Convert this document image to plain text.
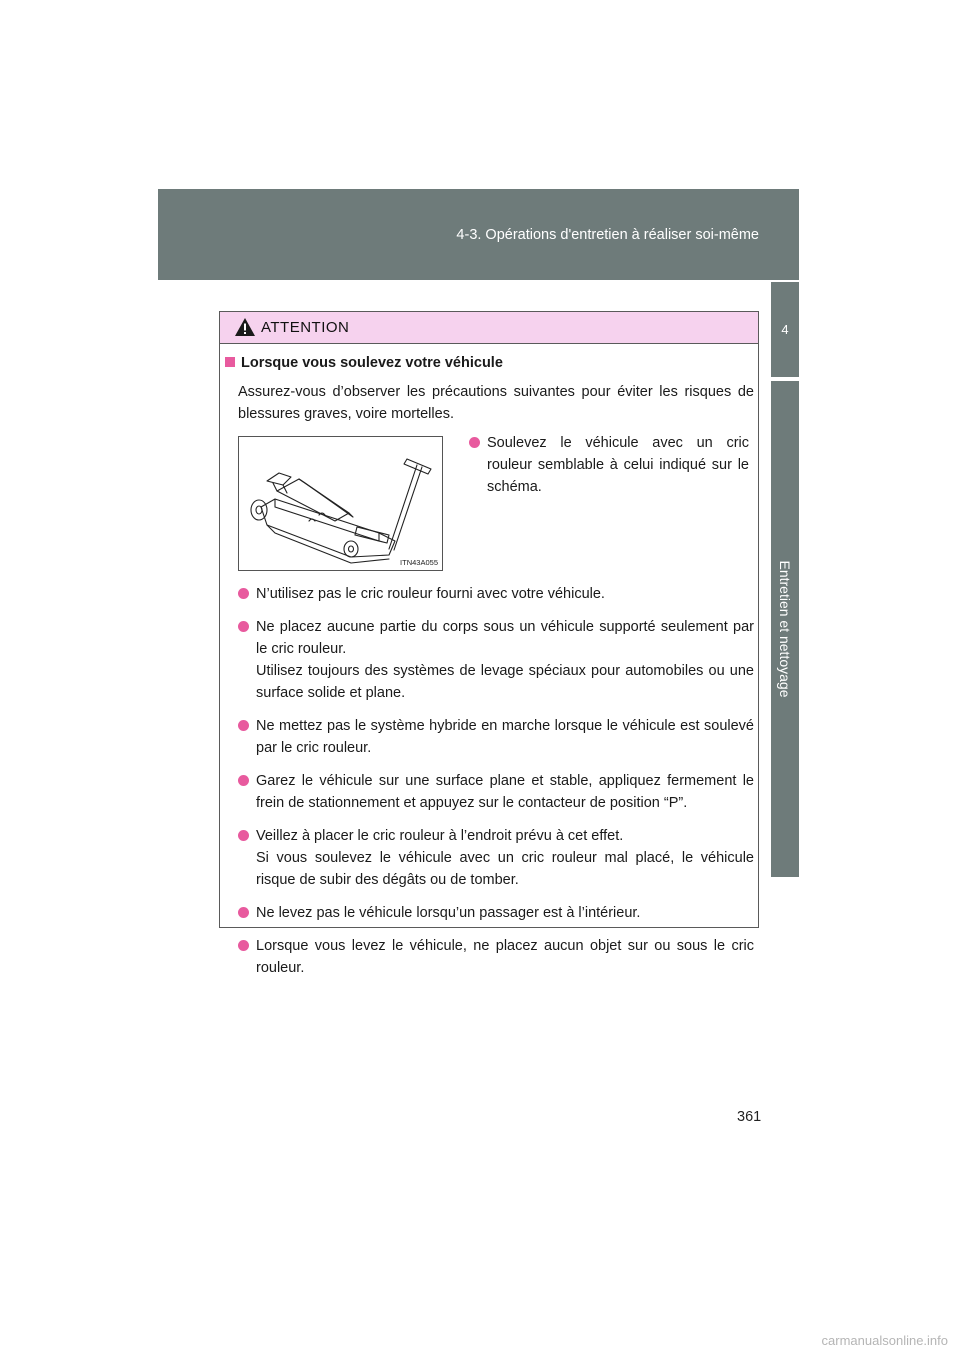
4-3. Opérations d'entretien à réaliser soi-même
4
Entretien et nettoyage
ATTENTION
Lorsque vous soulevez votre véhicule
Assurez-vous d’observer les précautions suivantes pour éviter les risques de blessures graves, voire mortelles.
ITN43A055
Soulevez le véhicule avec un cric rouleur semblable à celui indiqué sur le schéma.
N’utilisez pas le cric rouleur fourni avec votre véhicule.
Ne placez aucune partie du corps sous un véhicule supporté seulement par le cric rouleur.
Utilisez toujours des systèmes de levage spéciaux pour automobiles ou une surface solide et plane.
Ne mettez pas le système hybride en marche lorsque le véhicule est soulevé par le cric rouleur.
Garez le véhicule sur une surface plane et stable, appliquez fermement le frein de stationnement et appuyez sur le contacteur de position “P”.
Veillez à placer le cric rouleur à l’endroit prévu à cet effet.
Si vous soulevez le véhicule avec un cric rouleur mal placé, le véhicule risque de subir des dégâts ou de tomber.
Ne levez pas le véhicule lorsqu’un passager est à l’intérieur.
Lorsque vous levez le véhicule, ne placez aucun objet sur ou sous le cric rouleur.
361
carmanualsonline.info
